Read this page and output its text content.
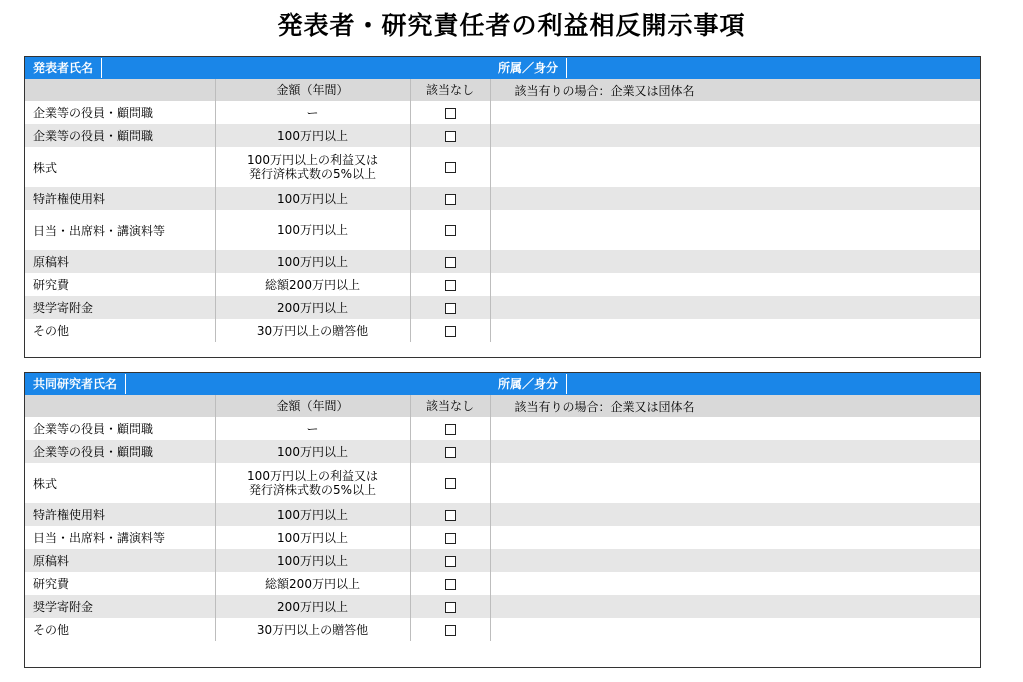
発表者・研究責任者の利益相反開示事項
発表者氏名			所属／身分
	金額（年間）	該当なし	該当有りの場合：企業又は団体名
企業等の役員・顧問職	ー		

企業等の役員・顧問職	100万円以上		

株式	100万円以上の利益又は
発行済株式数の5%以上		

特許権使用料	100万円以上		

日当・出席料・講演料等	100万円以上		

原稿料	100万円以上		

研究費	総額200万円以上		

奨学寄附金	200万円以上		

その他	30万円以上の贈答他		

共同研究者氏名			所属／身分
	金額（年間）	該当なし	該当有りの場合：企業又は団体名
企業等の役員・顧問職	ー		

企業等の役員・顧問職	100万円以上		

株式	100万円以上の利益又は
発行済株式数の5%以上		

特許権使用料	100万円以上		

日当・出席料・講演料等	100万円以上		

原稿料	100万円以上		

研究費	総額200万円以上		

奨学寄附金	200万円以上		

その他	30万円以上の贈答他		
